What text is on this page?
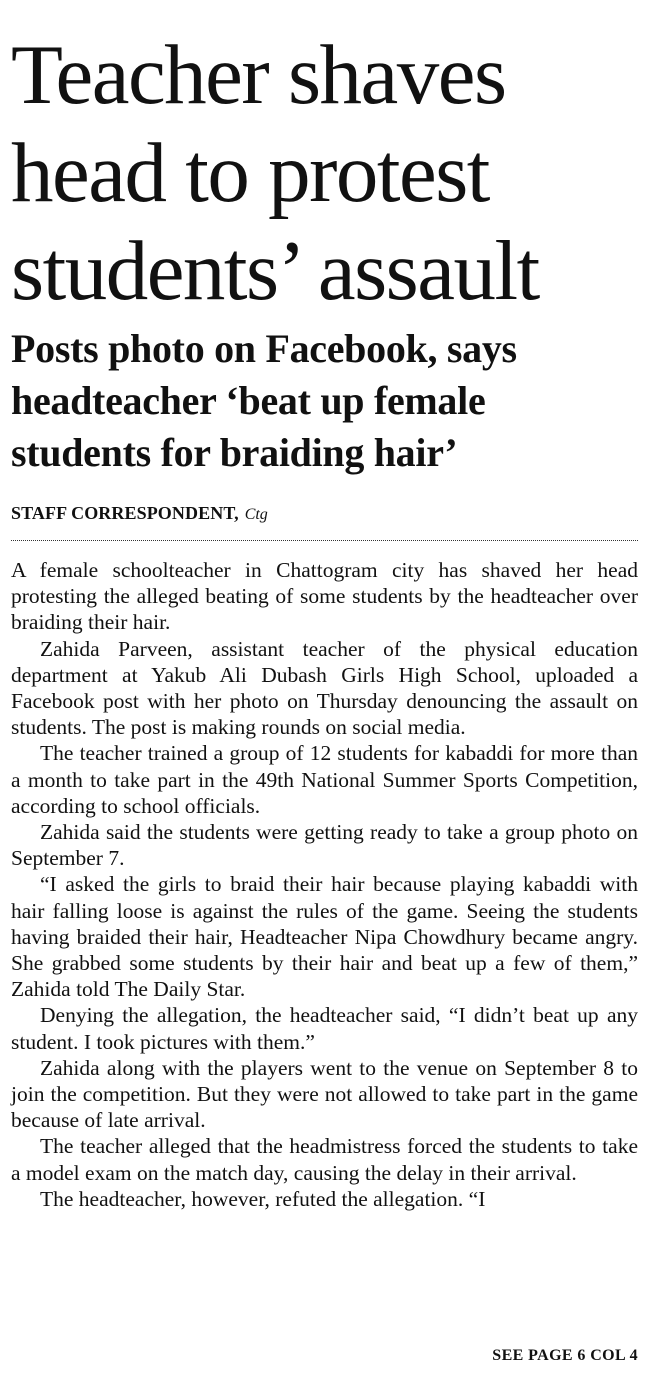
Teacher shaves
head to protest
students’ assault
Posts photo on Facebook, says
headteacher ‘beat up female
students for braiding hair’
STAFF CORRESPONDENT, Ctg

A female schoolteacher in Chattogram city has shaved her head protesting the alleged beating of some students by the headteacher over braiding their hair.

Zahida Parveen, assistant teacher of the physical education department at Yakub Ali Dubash Girls High School, uploaded a Facebook post with her photo on Thursday denouncing the assault on students. The post is making rounds on social media.

The teacher trained a group of 12 students for kabaddi for more than a month to take part in the 49th National Summer Sports Competition, according to school officials.

Zahida said the students were getting ready to take a group photo on September 7.

“I asked the girls to braid their hair because playing kabaddi with hair falling loose is against the rules of the game. Seeing the students having braided their hair, Headteacher Nipa Chowdhury became angry. She grabbed some students by their hair and beat up a few of them,” Zahida told The Daily Star.

Denying the allegation, the headteacher said, “I didn’t beat up any student. I took pictures with them.”

Zahida along with the players went to the venue on September 8 to join the competition. But they were not allowed to take part in the game because of late arrival.

The teacher alleged that the headmistress forced the students to take a model exam on the match day, causing the delay in their arrival.

The headteacher, however, refuted the allegation. “I

SEE PAGE 6 COL 4
